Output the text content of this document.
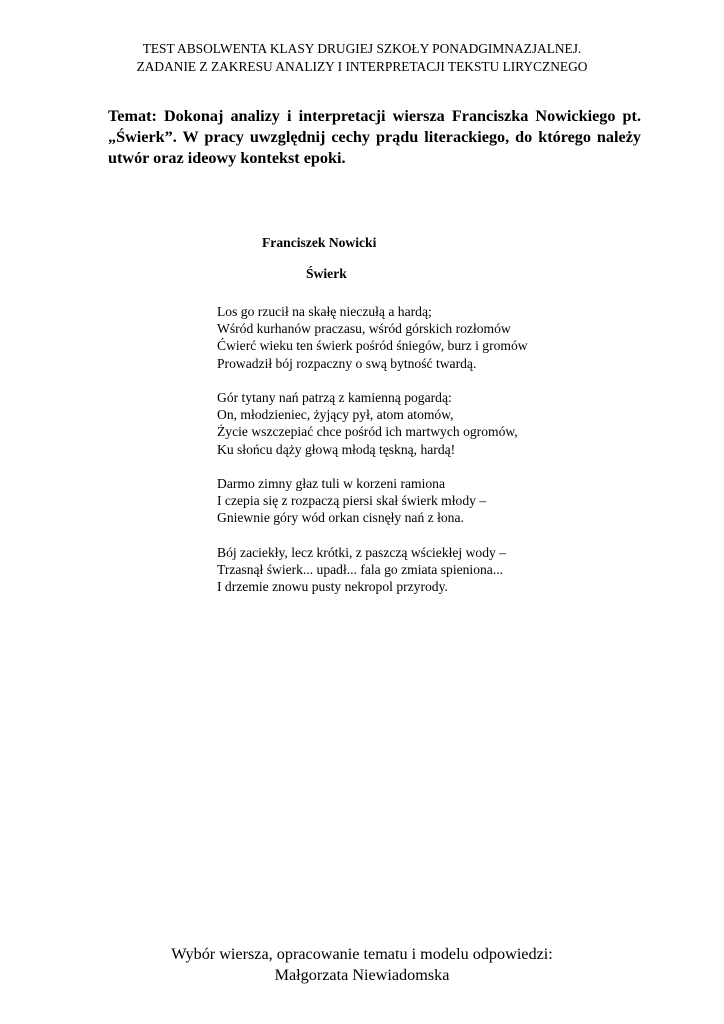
TEST ABSOLWENTA KLASY DRUGIEJ SZKOŁY PONADGIMNAZJALNEJ.
ZADANIE Z ZAKRESU ANALIZY I INTERPRETACJI TEKSTU LIRYCZNEGO
Temat: Dokonaj analizy i interpretacji wiersza Franciszka Nowickiego pt. „Świerk”. W pracy uwzględnij cechy prądu literackiego, do którego należy utwór oraz ideowy kontekst epoki.
Franciszek Nowicki
Świerk
Los go rzucił na skałę nieczułą a hardą;
Wśród kurhanów praczasu, wśród górskich rozłomów
Ćwierć wieku ten świerk pośród śniegów, burz i gromów
Prowadził bój rozpaczny o swą bytność twardą.
Gór tytany nań patrzą z kamienną pogardą:
On, młodzieniec, żyjący pył, atom atomów,
Życie wszczepiać chce pośród ich martwych ogromów,
Ku słońcu dąży głową młodą tęskną, hardą!
Darmo zimny głaz tuli w korzeni ramiona
I czepia się z rozpaczą piersi skał świerk młody –
Gniewnie góry wód orkan cisnęły nań z łona.
Bój zaciekły, lecz krótki, z paszczą wściekłej wody –
Trzasnął świerk... upadł... fala go zmiata spieniona...
I drzemie znowu pusty nekropol przyrody.
Wybór wiersza, opracowanie tematu i modelu odpowiedzi:
Małgorzata Niewiadomska
